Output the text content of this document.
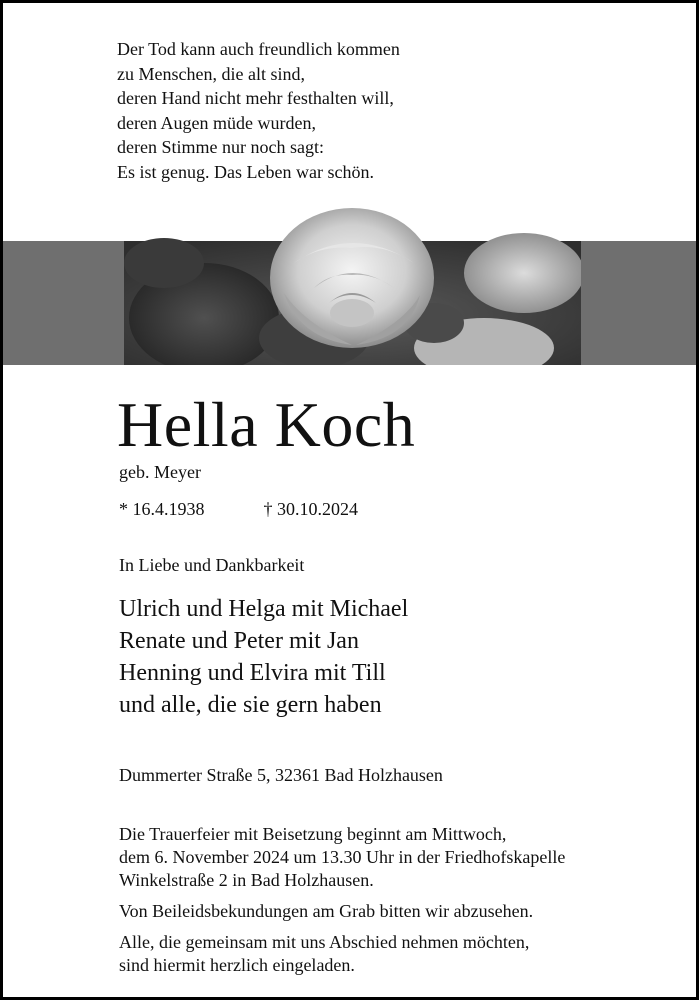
Der Tod kann auch freundlich kommen
zu Menschen, die alt sind,
deren Hand nicht mehr festhalten will,
deren Augen müde wurden,
deren Stimme nur noch sagt:
Es ist genug. Das Leben war schön.
Hella Koch
geb. Meyer
* 16.4.1938	† 30.10.2024
In Liebe und Dankbarkeit
Ulrich und Helga mit Michael
Renate und Peter mit Jan
Henning und Elvira mit Till
und alle, die sie gern haben
Dummerter Straße 5, 32361 Bad Holzhausen

Die Trauerfeier mit Beisetzung beginnt am Mittwoch,
dem 6. November 2024 um 13.30 Uhr in der Friedhofskapelle
Winkelstraße 2 in Bad Holzhausen.

Von Beileidsbekundungen am Grab bitten wir abzusehen.

Alle, die gemeinsam mit uns Abschied nehmen möchten,
sind hiermit herzlich eingeladen.
